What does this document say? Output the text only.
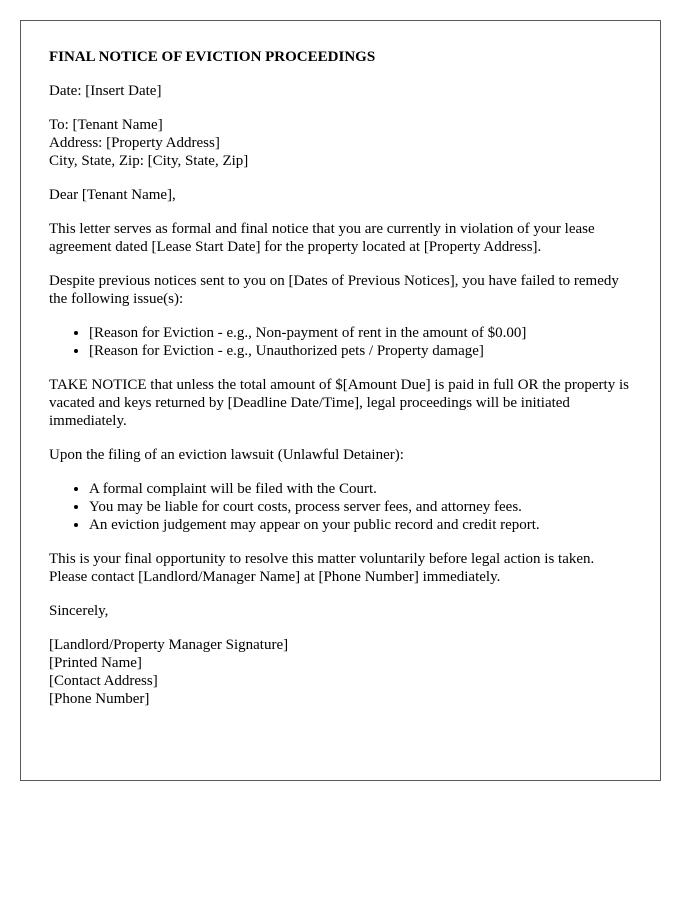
FINAL NOTICE OF EVICTION PROCEEDINGS

Date: [Insert Date]

To: [Tenant Name]
Address: [Property Address]
City, State, Zip: [City, State, Zip]

Dear [Tenant Name],

This letter serves as formal and final notice that you are currently in violation of your lease agreement dated [Lease Start Date] for the property located at [Property Address].

Despite previous notices sent to you on [Dates of Previous Notices], you have failed to remedy the following issue(s):

• [Reason for Eviction - e.g., Non-payment of rent in the amount of $0.00]
• [Reason for Eviction - e.g., Unauthorized pets / Property damage]

TAKE NOTICE that unless the total amount of $[Amount Due] is paid in full OR the property is vacated and keys returned by [Deadline Date/Time], legal proceedings will be initiated immediately.

Upon the filing of an eviction lawsuit (Unlawful Detainer):

• A formal complaint will be filed with the Court.
• You may be liable for court costs, process server fees, and attorney fees.
• An eviction judgement may appear on your public record and credit report.

This is your final opportunity to resolve this matter voluntarily before legal action is taken. Please contact [Landlord/Manager Name] at [Phone Number] immediately.

Sincerely,

[Landlord/Property Manager Signature]
[Printed Name]
[Contact Address]
[Phone Number]
